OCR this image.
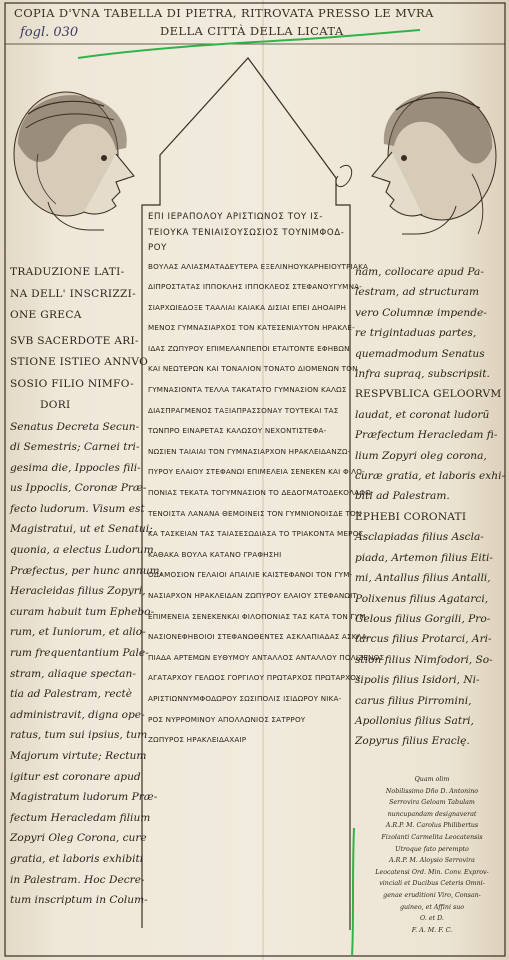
COPIA D'VNA TABELLA DI PIETRA, RITROVATA PRESSO LE MVRA
DELLA CITTÀ DELLA LICATA
fogl. 030
TRADUZIONE LATI-
NA DELL' INSCRIZZI-
ONE GRECA
SVB SACERDOTE ARI-
STIONE ISTIEO ANNVO
SOSIO FILIO NIMFO-
DORI
Senatus Decreta Secun-
di Semestris; Carnei tri-
gesima die, Ippocles fili-
us Ippoclis, Coronæ Præ-
fecto ludorum. Visum est
Magistratui, ut et Senatui;
quonia, a electus Ludorum
Præfectus, per hunc annum,
Heracleidas filius Zopyri,
curam habuit tum Ephebo-
rum, et Iuniorum, et alio-
rum frequentantium Pale-
stram, aliaque spectan-
tia ad Palestram, rectè
administravit, digna ope-
ratus, tum sui ipsius, tum
Majorum virtute; Rectum
igitur est coronare apud
Magistratum ludorum Præ-
fectum Heracledam filium
Zopyri Oleg Corona, cure
gratia, et laboris exhibiti
in Palestram. Hoc Decre-
tum inscriptum in Colum-
ΕΠΙ ΙΕΡΑΠΟΛΟΥ ΑΡΙΣΤΙΩΝΟΣ ΤΟΥ ΙΣ-
ΤΕΙΟΥΚΑ ΤΕΝΙΑΙΣΟΥΣΩΣΙΟΣ ΤΟΥΝΙΜΦΟΔ-
ΡΟΥ
ΒΟΥΛΑΣ ΑΛΙΑΣΜΑΤΑΔΕΥΤΕΡΑ ΕΞΕΛΙΝΗΟΥΚΑΡΗΕΙΟΥΤΡΙΑΚΑ
ΔΙΠΡΟΣΤΑΤΑΣ ΙΠΠΟΚΛΗΣ ΙΠΠΟΚΛΕΟΣ ΣΤΕΦΑΝΟΥΓΥΜΝΑ-
ΣΙΑΡΧΩΙΕΔΟΞΕ ΤΑΑΛΙΑΙ ΚΑΙΑΚΑ ΔΙΣΙΑΙ ΕΠΕΙ ΔΗΟΑΙΡΗ
ΜΕΝΟΣ ΓΥΜΝΑΣΙΑΡΧΟΣ ΤΟΝ ΚΑΤΕΣΕΝΙΑΥΤΟΝ ΗΡΑΚΛΕ-
ΙΔΑΣ ΖΩΠΥΡΟΥ ΕΠΙΜΕΛΑΝΠΕΠΟΙ ΕΤΑΙΤΟΝΤΕ ΕΦΗΒΩΝ
ΚΑΙ ΝΕΩΤΕΡΩΝ ΚΑΙ ΤΟΝΑΛΙΟΝ ΤΟΝΑΤΟ ΔΙΟΜΕΝΩΝ ΤΟΝ
ΓΥΜΝΑΣΙΟΝΤΑ ΤΕΛΛΑ ΤΑΚΑΤΑΤΟ ΓΥΜΝΑΣΙΟΝ ΚΑΛΩΣ
ΔΙΑΣΠΡΑΓΜΕΝΟΣ ΤΑΞΙΑΠΡΑΣΣΟΝΑΥ ΤΟΥΤΕΚΑΙ ΤΑΣ
ΤΩΝΠΡΟ ΕΙΝΑΡΕΤΑΣ ΚΑΛΩΣΟΥ ΝΕΧΟΝΤΙΣΤΕΦΑ-
ΝΩΣΙΕΝ ΤΑΙΑΙΑΙ ΤΟΝ ΓΥΜΝΑΣΙΑΡΧΟΝ ΗΡΑΚΛΕΙΔΑΝΖΩ-
ΠΥΡΟΥ ΕΛΑΙΟΥ ΣΤΕΦΑΝΩΙ ΕΠΙΜΕΛΕΙΑ ΣΕΝΕΚΕΝ ΚΑΙ ΦΙΛΟ-
ΠΟΝΙΑΣ ΤΕΚΑΤΑ ΤΟΓΥΜΝΑΣΙΟΝ ΤΟ ΔΕΔΟΓΜΑΤΟΔΕΚΟΛΑΦΩ-
ΤΕΝΟΙΣΤΑ ΛΑΝΑΝΑ ΘΕΜΟΙΝΕΙΣ ΤΟΝ ΓΥΜΝΙΟΝΟΙΣΔΕ ΤΟΝ
ΚΑ ΤΑΣΚΕΙΑΝ ΤΑΣ ΤΑΙΑΣΕΣΩΔΙΑΣΑ ΤΟ ΤΡΙΑΚΟΝΤΑ ΜΕΡΟΣ
ΚΑΘΑΚΑ ΒΟΥΛΑ ΚΑΤΑΝΟ ΓΡΑΦΗΣΗΙ
ΟΔΑΜΟΣΙΟΝ ΓΕΛΑΙΟΙ ΑΠΑΙΛΙΕ ΚΑΙΣΤΕΦΑΝΟΙ ΤΟΝ ΓΥΜ-
ΝΑΣΙΑΡΧΟΝ ΗΡΑΚΛΕΙΔΑΝ ΖΩΠΥΡΟΥ ΕΛΑΙΟΥ ΣΤΕΦΑΝΩΙΤ
ΕΠΙΜΕΝΕΙΑ ΣΕΝΕΚΕΝΚΑΙ ΦΙΛΟΠΟΝΙΑΣ ΤΑΣ ΚΑΤΑ ΤΟΝ ΓΥΜ-
ΝΑΣΙΟΝΕΦΗΒΟΙΟΙ ΣΤΕΦΑΝΩΘΕΝΤΕΣ ΑΣΚΛΑΠΙΑΔΑΣ ΑΣΚΛΑ-
ΠΙΑΔΑ ΑΡΤΕΜΩΝ ΕΥΘΥΜΟΥ ΑΝΤΑΛΛΟΣ ΑΝΤΑΛΛΟΥ ΠΟΛΙΖΕΝΟΣ
ΑΓΑΤΑΡΧΟΥ ΓΕΛΩΟΣ ΓΟΡΓΙΛΟΥ ΠΡΩΤΑΡΧΟΣ ΠΡΩΤΑΡΧΟΥ
ΑΡΙΣΤΙΩΝΝΥΜΦΟΔΩΡΟΥ ΣΩΣΙΠΟΛΙΣ ΙΣΙΔΩΡΟΥ ΝΙΚΑ-
ΡΟΣ ΝΥΡΡΟΜΙΝΟΥ ΑΠΟΛΛΩΝΙΟΣ ΣΑΤΡΡΟΥ
ΖΩΠΥΡΟΣ ΗΡΑΚΛΕΙΔΑΧΑΙΡ
nam, collocare apud Pa-
lestram, ad structuram
vero Columnæ impende-
re trigintaduas partes,
quemadmodum Senatus
infra supraq, subscripsit.
RESPVBLICA GELOORVM
laudat, et coronat ludorũ
Præfectum Heracledam fi-
lium Zopyri oleg corona,
curæ gratia, et laboris exhi-
biti ad Palestram.
EPHEBI CORONATI
Asclapiadas filius Ascla-
piada, Artemon filius Eiti-
mi, Antallus filius Antalli,
Polixenus filius Agatarci,
Gelous filius Gorgili, Pro-
tarcus filius Protarci, Ari-
stion filius Nimfodori, So-
sipolis filius Isidori, Ni-
carus filius Pirromini,
Apollonius filius Satri,
Zopyrus filius Eraclę.
Quam olim
Nobilissimo Dño D. Antonino
Serrovira Geloam Tabulam
nuncupandam designaverat
A.R.P. M. Carolus Philibertus
Fizolanti Carmelita Leocatensis
Utroque fato perempto
A.R.P. M. Aloysio Serrovira
Leocatensi Ord. Min. Conv. Exprov-
vinciali et Ducibus Ceteris Omni-
genae eruditioni Viro, Consan-
guineo, et Affini suo
O. et D.
F. A. M. F. C.
